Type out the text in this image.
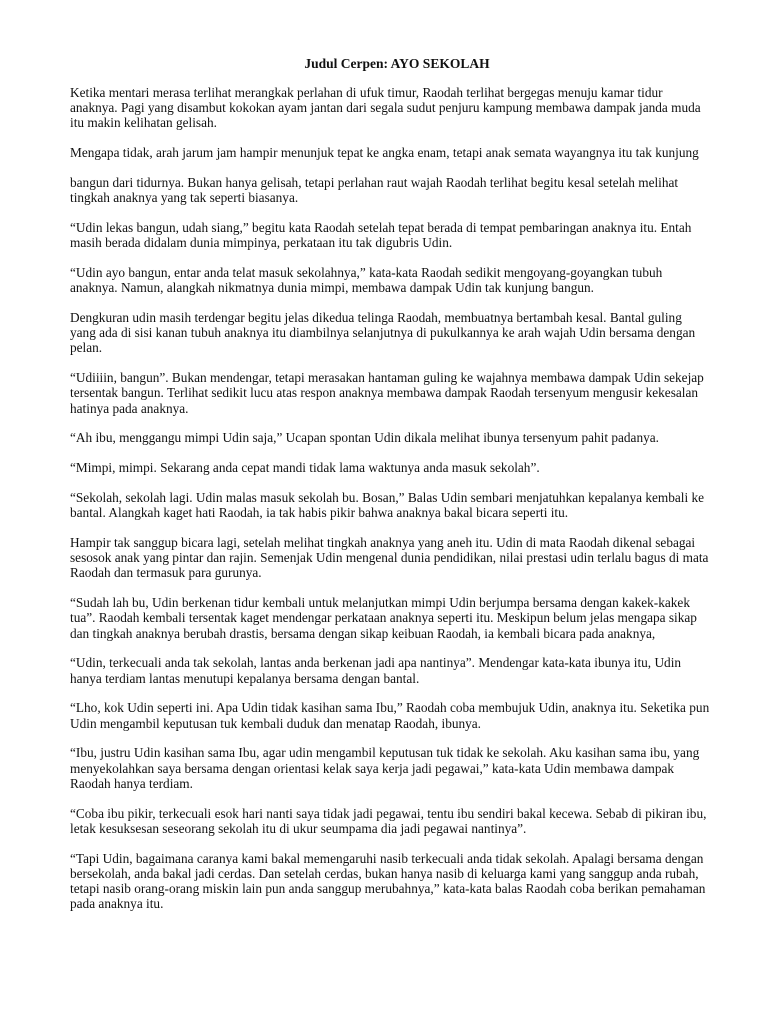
Judul Cerpen: AYO SEKOLAH
Ketika mentari merasa terlihat merangkak perlahan di ufuk timur, Raodah terlihat bergegas menuju kamar tidur anaknya. Pagi yang disambut kokokan ayam jantan dari segala sudut penjuru kampung membawa dampak janda muda itu makin kelihatan gelisah.
Mengapa tidak, arah jarum jam hampir menunjuk tepat ke angka enam, tetapi anak semata wayangnya itu tak kunjung
bangun dari tidurnya. Bukan hanya gelisah, tetapi perlahan raut wajah Raodah terlihat begitu kesal setelah melihat tingkah anaknya yang tak seperti biasanya.
“Udin lekas bangun, udah siang,” begitu kata Raodah setelah tepat berada di tempat pembaringan anaknya itu. Entah masih berada didalam dunia mimpinya, perkataan itu tak digubris Udin.
“Udin ayo bangun, entar anda telat masuk sekolahnya,” kata-kata Raodah sedikit mengoyang-goyangkan tubuh anaknya. Namun, alangkah nikmatnya dunia mimpi, membawa dampak Udin tak kunjung bangun.
Dengkuran udin masih terdengar begitu jelas dikedua telinga Raodah, membuatnya bertambah kesal. Bantal guling yang ada di sisi kanan tubuh anaknya itu diambilnya selanjutnya di pukulkannya ke arah wajah Udin bersama dengan pelan.
“Udiiiin, bangun”. Bukan mendengar, tetapi merasakan hantaman guling ke wajahnya membawa dampak Udin sekejap tersentak bangun. Terlihat sedikit lucu atas respon anaknya membawa dampak Raodah tersenyum mengusir kekesalan hatinya pada anaknya.
“Ah ibu, menggangu mimpi Udin saja,” Ucapan spontan Udin dikala melihat ibunya tersenyum pahit padanya.
“Mimpi, mimpi. Sekarang anda cepat mandi tidak lama waktunya anda masuk sekolah”.
“Sekolah, sekolah lagi. Udin malas masuk sekolah bu. Bosan,” Balas Udin sembari menjatuhkan kepalanya kembali ke bantal. Alangkah kaget hati Raodah, ia tak habis pikir bahwa anaknya bakal bicara seperti itu.
Hampir tak sanggup bicara lagi, setelah melihat tingkah anaknya yang aneh itu. Udin di mata Raodah dikenal sebagai sesosok anak yang pintar dan rajin. Semenjak Udin mengenal dunia pendidikan, nilai prestasi udin terlalu bagus di mata Raodah dan termasuk para gurunya.
“Sudah lah bu, Udin berkenan tidur kembali untuk melanjutkan mimpi Udin berjumpa bersama dengan kakek-kakek tua”. Raodah kembali tersentak kaget mendengar perkataan anaknya seperti itu. Meskipun belum jelas mengapa sikap dan tingkah anaknya berubah drastis, bersama dengan sikap keibuan Raodah, ia kembali bicara pada anaknya,
“Udin, terkecuali anda tak sekolah, lantas anda berkenan jadi apa nantinya”. Mendengar kata-kata ibunya itu, Udin hanya terdiam lantas menutupi kepalanya bersama dengan bantal.
“Lho, kok Udin seperti ini. Apa Udin tidak kasihan sama Ibu,” Raodah coba membujuk Udin, anaknya itu. Seketika pun Udin mengambil keputusan tuk kembali duduk dan menatap Raodah, ibunya.
“Ibu, justru Udin kasihan sama Ibu, agar udin mengambil keputusan tuk tidak ke sekolah. Aku kasihan sama ibu, yang menyekolahkan saya bersama dengan orientasi kelak saya kerja jadi pegawai,” kata-kata Udin membawa dampak Raodah hanya terdiam.
“Coba ibu pikir, terkecuali esok hari nanti saya tidak jadi pegawai, tentu ibu sendiri bakal kecewa. Sebab di pikiran ibu, letak kesuksesan seseorang sekolah itu di ukur seumpama dia jadi pegawai nantinya”.
“Tapi Udin, bagaimana caranya kami bakal memengaruhi nasib terkecuali anda tidak sekolah. Apalagi bersama dengan bersekolah, anda bakal jadi cerdas. Dan setelah cerdas, bukan hanya nasib di keluarga kami yang sanggup anda rubah, tetapi nasib orang-orang miskin lain pun anda sanggup merubahnya,” kata-kata balas Raodah coba berikan pemahaman pada anaknya itu.
